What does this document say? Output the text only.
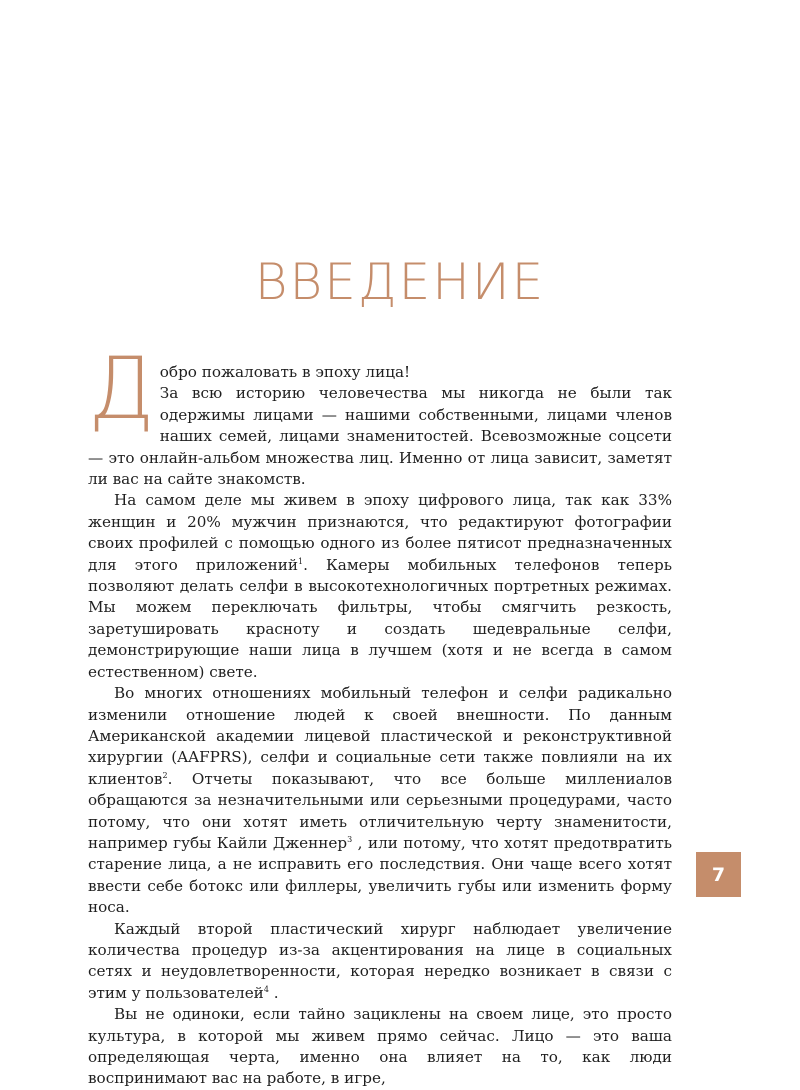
ВВЕДЕНИЕ
Д обро пожаловать в эпоху лица!

За всю историю человечества мы никогда не были так одержимы лицами — нашими собственными, лицами членов наших семей, лицами знаменитостей. Всевозможные соцсети — это онлайн-альбом множества лиц. Именно от лица зависит, заметят ли вас на сайте знакомств.

На самом деле мы живем в эпоху цифрового лица, так как 33% женщин и 20% мужчин признаются, что редактируют фотографии своих профилей с помощью одного из более пятисот предназначенных для этого приложений$^1$. Камеры мобильных телефонов теперь позволяют делать селфи в высокотехнологичных портретных режимах. Мы можем переключать фильтры, чтобы смягчить резкость, заретушировать красноту и создать шедевральные селфи, демонстрирующие наши лица в лучшем (хотя и не всегда в самом естественном) свете.

Во многих отношениях мобильный телефон и селфи радикально изменили отношение людей к своей внешности. По данным Американской академии лицевой пластической и реконструктивной хирургии (AAFPRS), селфи и социальные сети также повлияли на их клиентов$^2$. Отчеты показывают, что все больше миллениалов обращаются за незначительными или серьезными процедурами, часто потому, что они хотят иметь отличительную черту знаменитости, например губы Кайли Дженнер$^3$ , или потому, что хотят предотвратить старение лица, а не исправить его последствия. Они чаще всего хотят ввести себе ботокс или филлеры, увеличить губы или изменить форму носа.

Каждый второй пластический хирург наблюдает увеличение количества процедур из-за акцентирования на лице в социальных сетях и неудовлетворенности, которая нередко возникает в связи с этим у пользователей$^4$ .

Вы не одиноки, если тайно зациклены на своем лице, это просто культура, в которой мы живем прямо сейчас. Лицо — это ваша определяющая черта, именно она влияет на то, как люди воспринимают вас на работе, в игре,

7
